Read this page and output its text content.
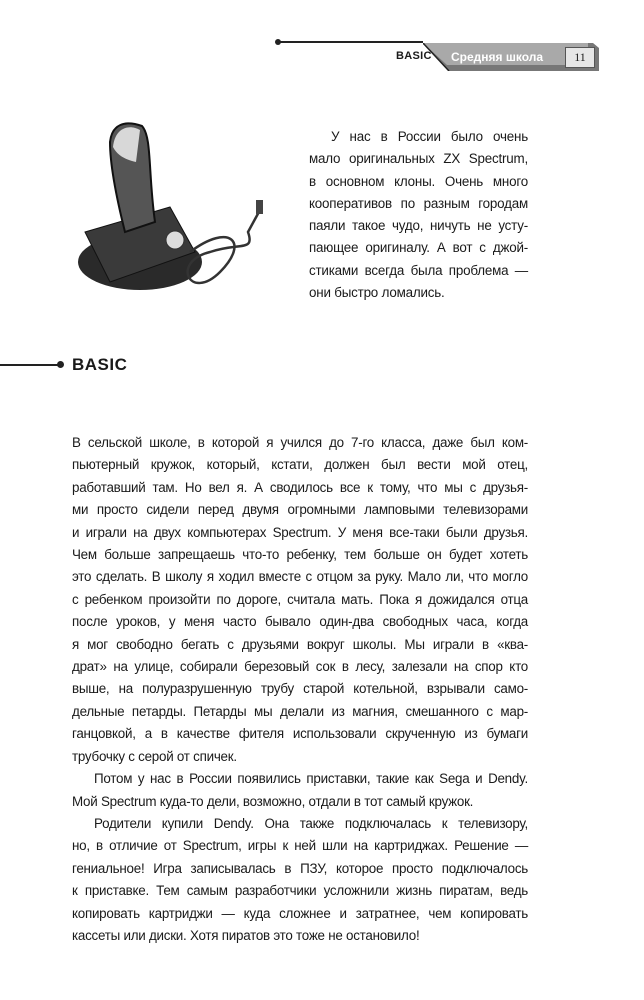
BASIC Средняя школа	11
У нас в России было очень
мало оригинальных ZX Spectrum,
в основном клоны. Очень много
кооперативов по разным городам
паяли такое чудо, ничуть не усту-
пающее оригиналу. А вот с джой-
стиками всегда была проблема —
они быстро ломались.
BASIC
В сельской школе, в которой я учился до 7-го класса, даже был ком-
пьютерный кружок, который, кстати, должен был вести мой отец,
работавший там. Но вел я. А сводилось все к тому, что мы с друзья-
ми просто сидели перед двумя огромными ламповыми телевизорами
и играли на двух компьютерах Spectrum. У меня все-таки были друзья.
Чем больше запрещаешь что-то ребенку, тем больше он будет хотеть
это сделать. В школу я ходил вместе с отцом за руку. Мало ли, что могло
с ребенком произойти по дороге, считала мать. Пока я дожидался отца
после уроков, у меня часто бывало один-два свободных часа, когда
я мог свободно бегать с друзьями вокруг школы. Мы играли в «ква-
драт» на улице, собирали березовый сок в лесу, залезали на спор кто
выше, на полуразрушенную трубу старой котельной, взрывали само-
дельные петарды. Петарды мы делали из магния, смешанного с мар-
ганцовкой, а в качестве фителя использовали скрученную из бумаги
трубочку с серой от спичек.
Потом у нас в России появились приставки, такие как Sega и Dendy.
Мой Spectrum куда-то дели, возможно, отдали в тот самый кружок.
Родители купили Dendy. Она также подключалась к телевизору,
но, в отличие от Spectrum, игры к ней шли на картриджах. Решение —
гениальное! Игра записывалась в ПЗУ, которое просто подключалось
к приставке. Тем самым разработчики усложнили жизнь пиратам, ведь
копировать картриджи — куда сложнее и затратнее, чем копировать
кассеты или диски. Хотя пиратов это тоже не остановило!
